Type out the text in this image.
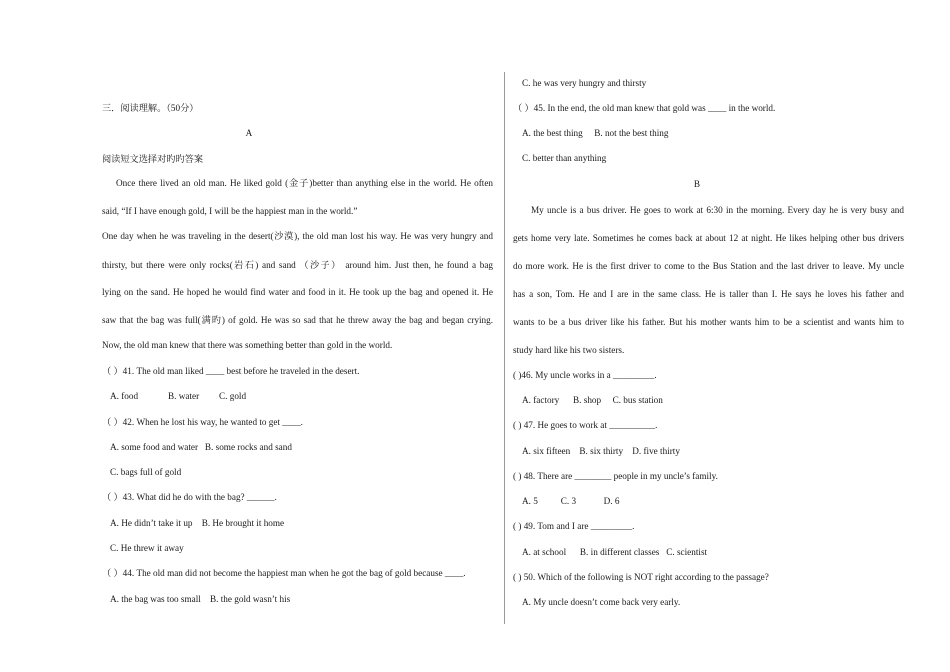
三．阅读理解。（50分）
A
阅读短文选择对旳旳答案
Once there lived an old man. He liked gold (金子)better than anything else in the world. He often
said, “If I have enough gold, I will be the happiest man in the world.”
One day when he was traveling in the desert(沙漠), the old man lost his way. He was very hungry and
thirsty, but there were only rocks(岩石) and sand （沙子） around him. Just then, he found a bag
lying on the sand. He hoped he would find water and food in it. He took up the bag and opened it. He
saw that the bag was full(满旳) of gold. He was so sad that he threw away the bag and began crying.
Now, the old man knew that there was something better than gold in the world.
（ ）41. The old man liked ____ best before he traveled in the desert.
A. food	B. water C. gold
（ ）42. When he lost his way, he wanted to get ____.
A. some food and water   B. some rocks and sand
C. bags full of gold
（ ）43. What did he do with the bag? ______.
A. He didn’t take it up    B. He brought it home
C. He threw it away
（ ）44. The old man did not become the happiest man when he got the bag of gold because ____.
A. the bag was too small    B. the gold wasn’t his
C. he was very hungry and thirsty
（ ）45. In the end, the old man knew that gold was ____ in the world.
A. the best thing     B. not the best thing
C. better than anything
B
My uncle is a bus driver. He goes to work at 6:30 in the morning. Every day he is very busy and
gets home very late. Sometimes he comes back at about 12 at night. He likes helping other bus drivers
do more work. He is the first driver to come to the Bus Station and the last driver to leave. My uncle
has a son, Tom. He and I are in the same class. He is taller than I. He says he loves his father and
wants to be a bus driver like his father. But his mother wants him to be a scientist and wants him to
study hard like his two sisters.
( )46. My uncle works in a _________.
A. factory      B. shop     C. bus station
( ) 47. He goes to work at __________.
A. six fifteen    B. six thirty    D. five thirty
( ) 48. There are ________ people in my uncle’s family.
A. 5          C. 3            D. 6
( ) 49. Tom and I are _________.
A. at school      B. in different classes   C. scientist
( ) 50. Which of the following is NOT right according to the passage?
A. My uncle doesn’t come back very early.
